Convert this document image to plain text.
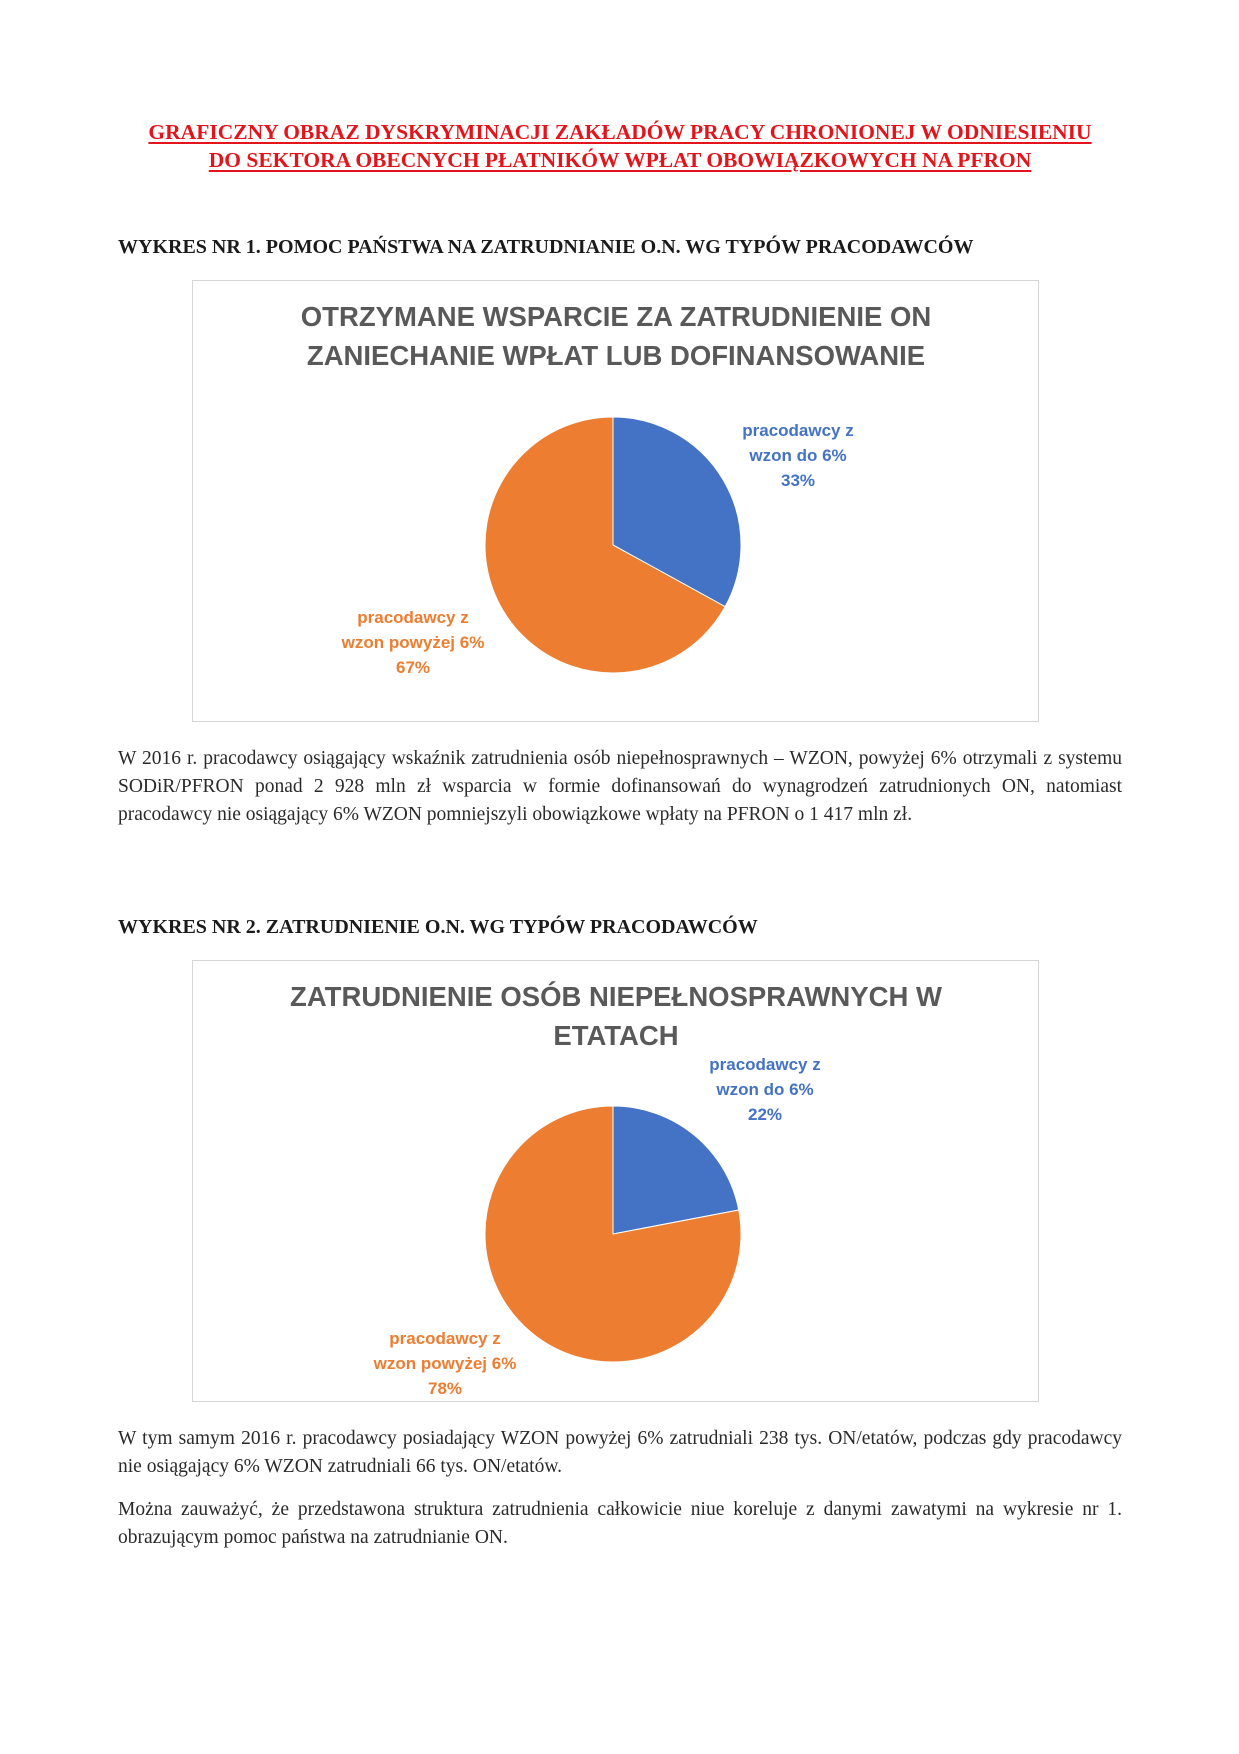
GRAFICZNY OBRAZ DYSKRYMINACJI ZAKŁADÓW PRACY CHRONIONEJ W ODNIESIENIU
DO SEKTORA OBECNYCH PŁATNIKÓW WPŁAT OBOWIĄZKOWYCH NA PFRON
WYKRES NR 1. POMOC PAŃSTWA NA ZATRUDNIANIE O.N. WG TYPÓW PRACODAWCÓW
OTRZYMANE WSPARCIE ZA ZATRUDNIENIE ON
ZANIECHANIE WPŁAT LUB DOFINANSOWANIE
pracodawcy z
wzon do 6%
33%
pracodawcy z
wzon powyżej 6%
67%
W 2016 r. pracodawcy osiągający wskaźnik zatrudnienia osób niepełnosprawnych – WZON, powyżej 6% otrzymali z systemu SODiR/PFRON ponad 2 928 mln zł wsparcia w formie dofinansowań do wynagrodzeń zatrudnionych ON, natomiast pracodawcy nie osiągający 6% WZON pomniejszyli obowiązkowe wpłaty na PFRON o 1 417 mln zł.
WYKRES NR 2. ZATRUDNIENIE O.N. WG TYPÓW PRACODAWCÓW
ZATRUDNIENIE OSÓB NIEPEŁNOSPRAWNYCH W
ETATACH
pracodawcy z
wzon do 6%
22%
pracodawcy z
wzon powyżej 6%
78%
W tym samym 2016 r. pracodawcy posiadający WZON powyżej 6% zatrudniali 238 tys. ON/etatów, podczas gdy pracodawcy nie osiągający 6% WZON zatrudniali 66 tys. ON/etatów.
Można zauważyć, że przedstawona struktura zatrudnienia całkowicie niue koreluje z danymi zawatymi na wykresie nr 1. obrazującym pomoc państwa na zatrudnianie ON.
